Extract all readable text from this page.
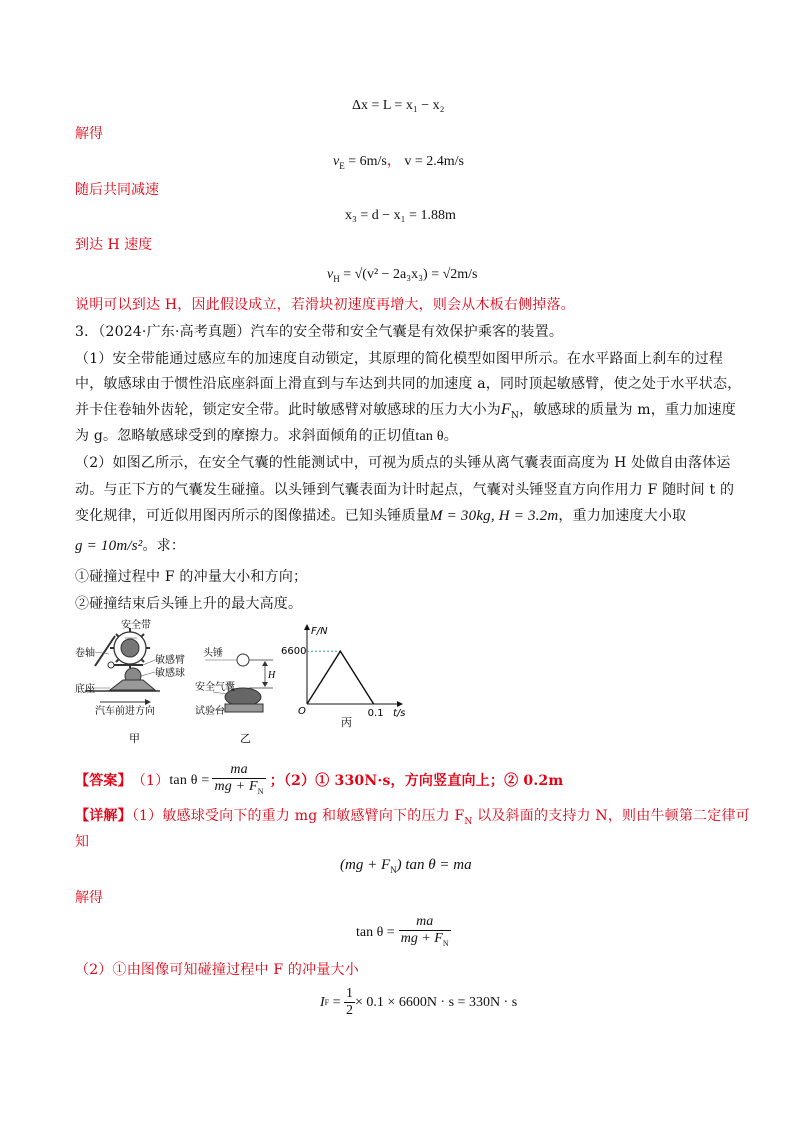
Δx = L = x₁ − x₂
解得
$v_E = 6m/s$， v = 2.4m/s
随后共同减速
x₃ = d − x₁ = 1.88m
到达 H 速度
$v_H = √(v^2 - 2a_3x_3) = √2m/s$
说明可以到达 H，因此假设成立，若滑块初速度再增大，则会从木板右侧掉落。
3．（2024·广东·高考真题）汽车的安全带和安全气囊是有效保护乘客的装置。
（1）安全带能通过感应车的加速度自动锁定，其原理的简化模型如图甲所示。在水平路面上刹车的过程
中，敏感球由于惯性沿底座斜面上滑直到与车达到共同的加速度 a，同时顶起敏感臂，使之处于水平状态，
并卡住卷轴外齿轮，锁定安全带。此时敏感臂对敏感球的压力大小为$F_N$，敏感球的质量为 m，重力加速度
为 g。忽略敏感球受到的摩擦力。求斜面倾角的正切值tan θ。
（2）如图乙所示，在安全气囊的性能测试中，可视为质点的头锤从离气囊表面高度为 H 处做自由落体运
动。与正下方的气囊发生碰撞。以头锤到气囊表面为计时起点，气囊对头锤竖直方向作用力 F 随时间 t 的
变化规律，可近似用图丙所示的图像描述。已知头锤质量M = 30kg, H = 3.2m，重力加速度大小取
g = 10m/s²。求：
①碰撞过程中 F 的冲量大小和方向；
②碰撞结束后头锤上升的最大高度。
安全带
卷轴
敏感臂
敏感球
底座
汽车前进方向
甲
头锤
H
安全气囊
试验台
乙
6600
0.1
O
F/N
t/s
丙
【答案】 （1） $\tan \theta = \frac{ma}{mg + F_N}$ ；（2）① 330N·s，方向竖直向上；② 0.2m
【详解】（1）敏感球受向下的重力 mg 和敏感臂向下的压力 $F_N$ 以及斜面的支持力 N，则由牛顿第二定律可
知
$(mg + F_N)$ tan θ = ma
解得
$\tan \theta = \frac{ma}{mg + F_N}$
（2）①由图像可知碰撞过程中 F 的冲量大小
I $F = \frac{1}{2} \times 0.1 \times 6600N \cdot s = 330N \cdot s$
